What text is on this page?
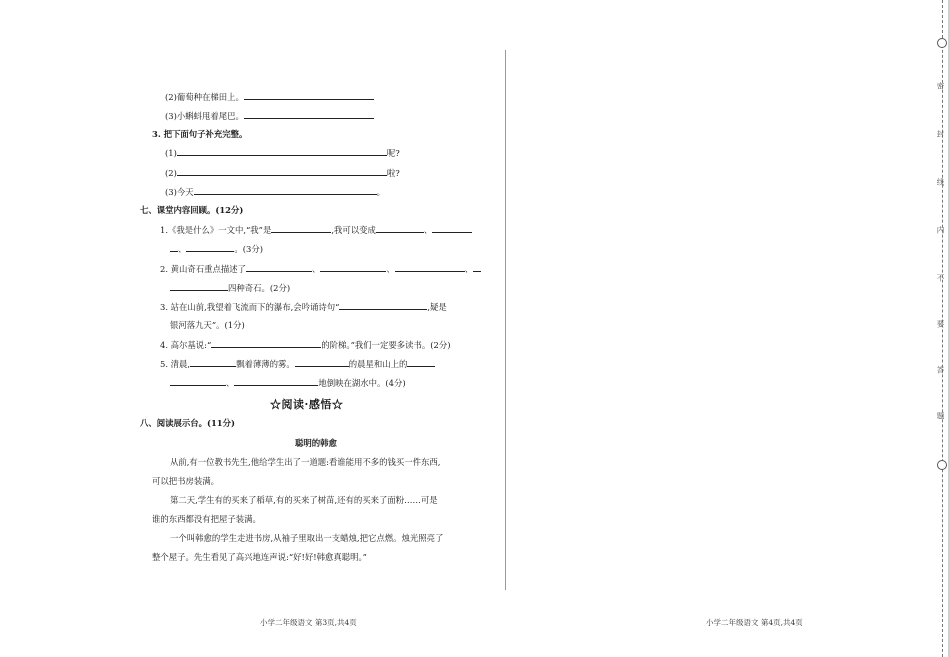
(2)葡萄种在梯田上。
(3)小蝌蚪甩着尾巴。
3. 把下面句子补充完整。
(1)	呢?
(2)	啦?
(3)今天	。
七、课堂内容回顾。(12分)
1.《我是什么》一文中,“我”是	,我可以变成	、
、	。(3分)
2. 黄山奇石重点描述了	、	、	、
四种奇石。(2分)
3. 站在山前,我望着飞流而下的瀑布,会吟诵诗句“	,疑是
银河落九天”。(1分)
4. 高尔基说:“	的阶梯。”我们一定要多读书。(2分)
5. 清晨,	飘着薄薄的雾。	的晨星和山上的
、	地倒映在湖水中。(4分)
☆阅读·感悟☆
八、阅读展示台。(11分)
聪明的韩愈
从前,有一位教书先生,他给学生出了一道题:看谁能用不多的钱买一件东西,
可以把书房装满。
第二天,学生有的买来了稻草,有的买来了树苗,还有的买来了面粉……可是
谁的东西都没有把屋子装满。
一个叫韩愈的学生走进书房,从袖子里取出一支蜡烛,把它点燃。烛光照亮了
整个屋子。先生看见了高兴地连声说:“好!好!韩愈真聪明。”
小学二年级语文 第3页,共4页	小学二年级语文 第4页,共4页
密
封
线
内
不
要
答
题
